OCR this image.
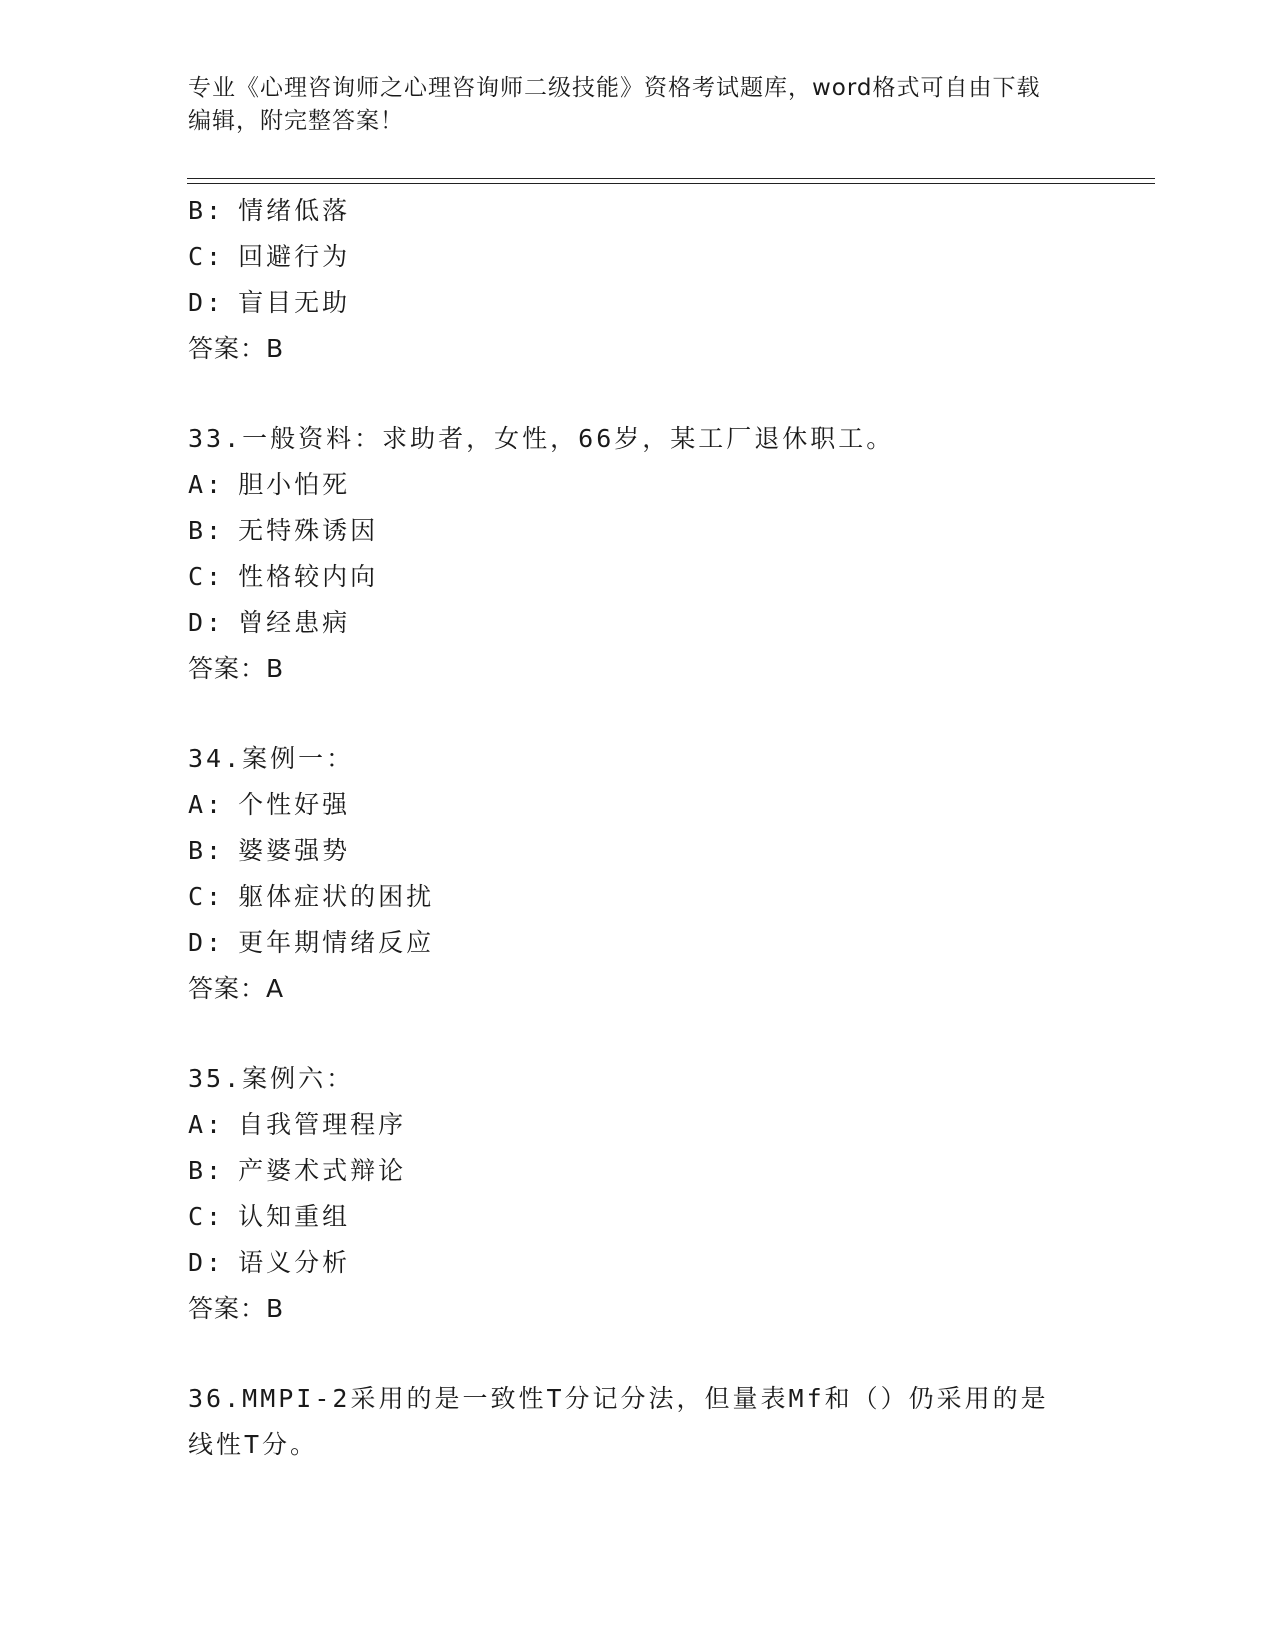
专业《心理咨询师之心理咨询师二级技能》资格考试题库，word格式可自由下载
编辑，附完整答案！
B: 情绪低落
C: 回避行为
D: 盲目无助
答案：B
33.一般资料：求助者，女性，66岁，某工厂退休职工。
A: 胆小怕死
B: 无特殊诱因
C: 性格较内向
D: 曾经患病
答案：B
34.案例一：
A: 个性好强
B: 婆婆强势
C: 躯体症状的困扰
D: 更年期情绪反应
答案：A
35.案例六：
A: 自我管理程序
B: 产婆术式辩论
C: 认知重组
D: 语义分析
答案：B
36.MMPI-2采用的是一致性T分记分法，但量表Mf和（）仍采用的是
线性T分。
